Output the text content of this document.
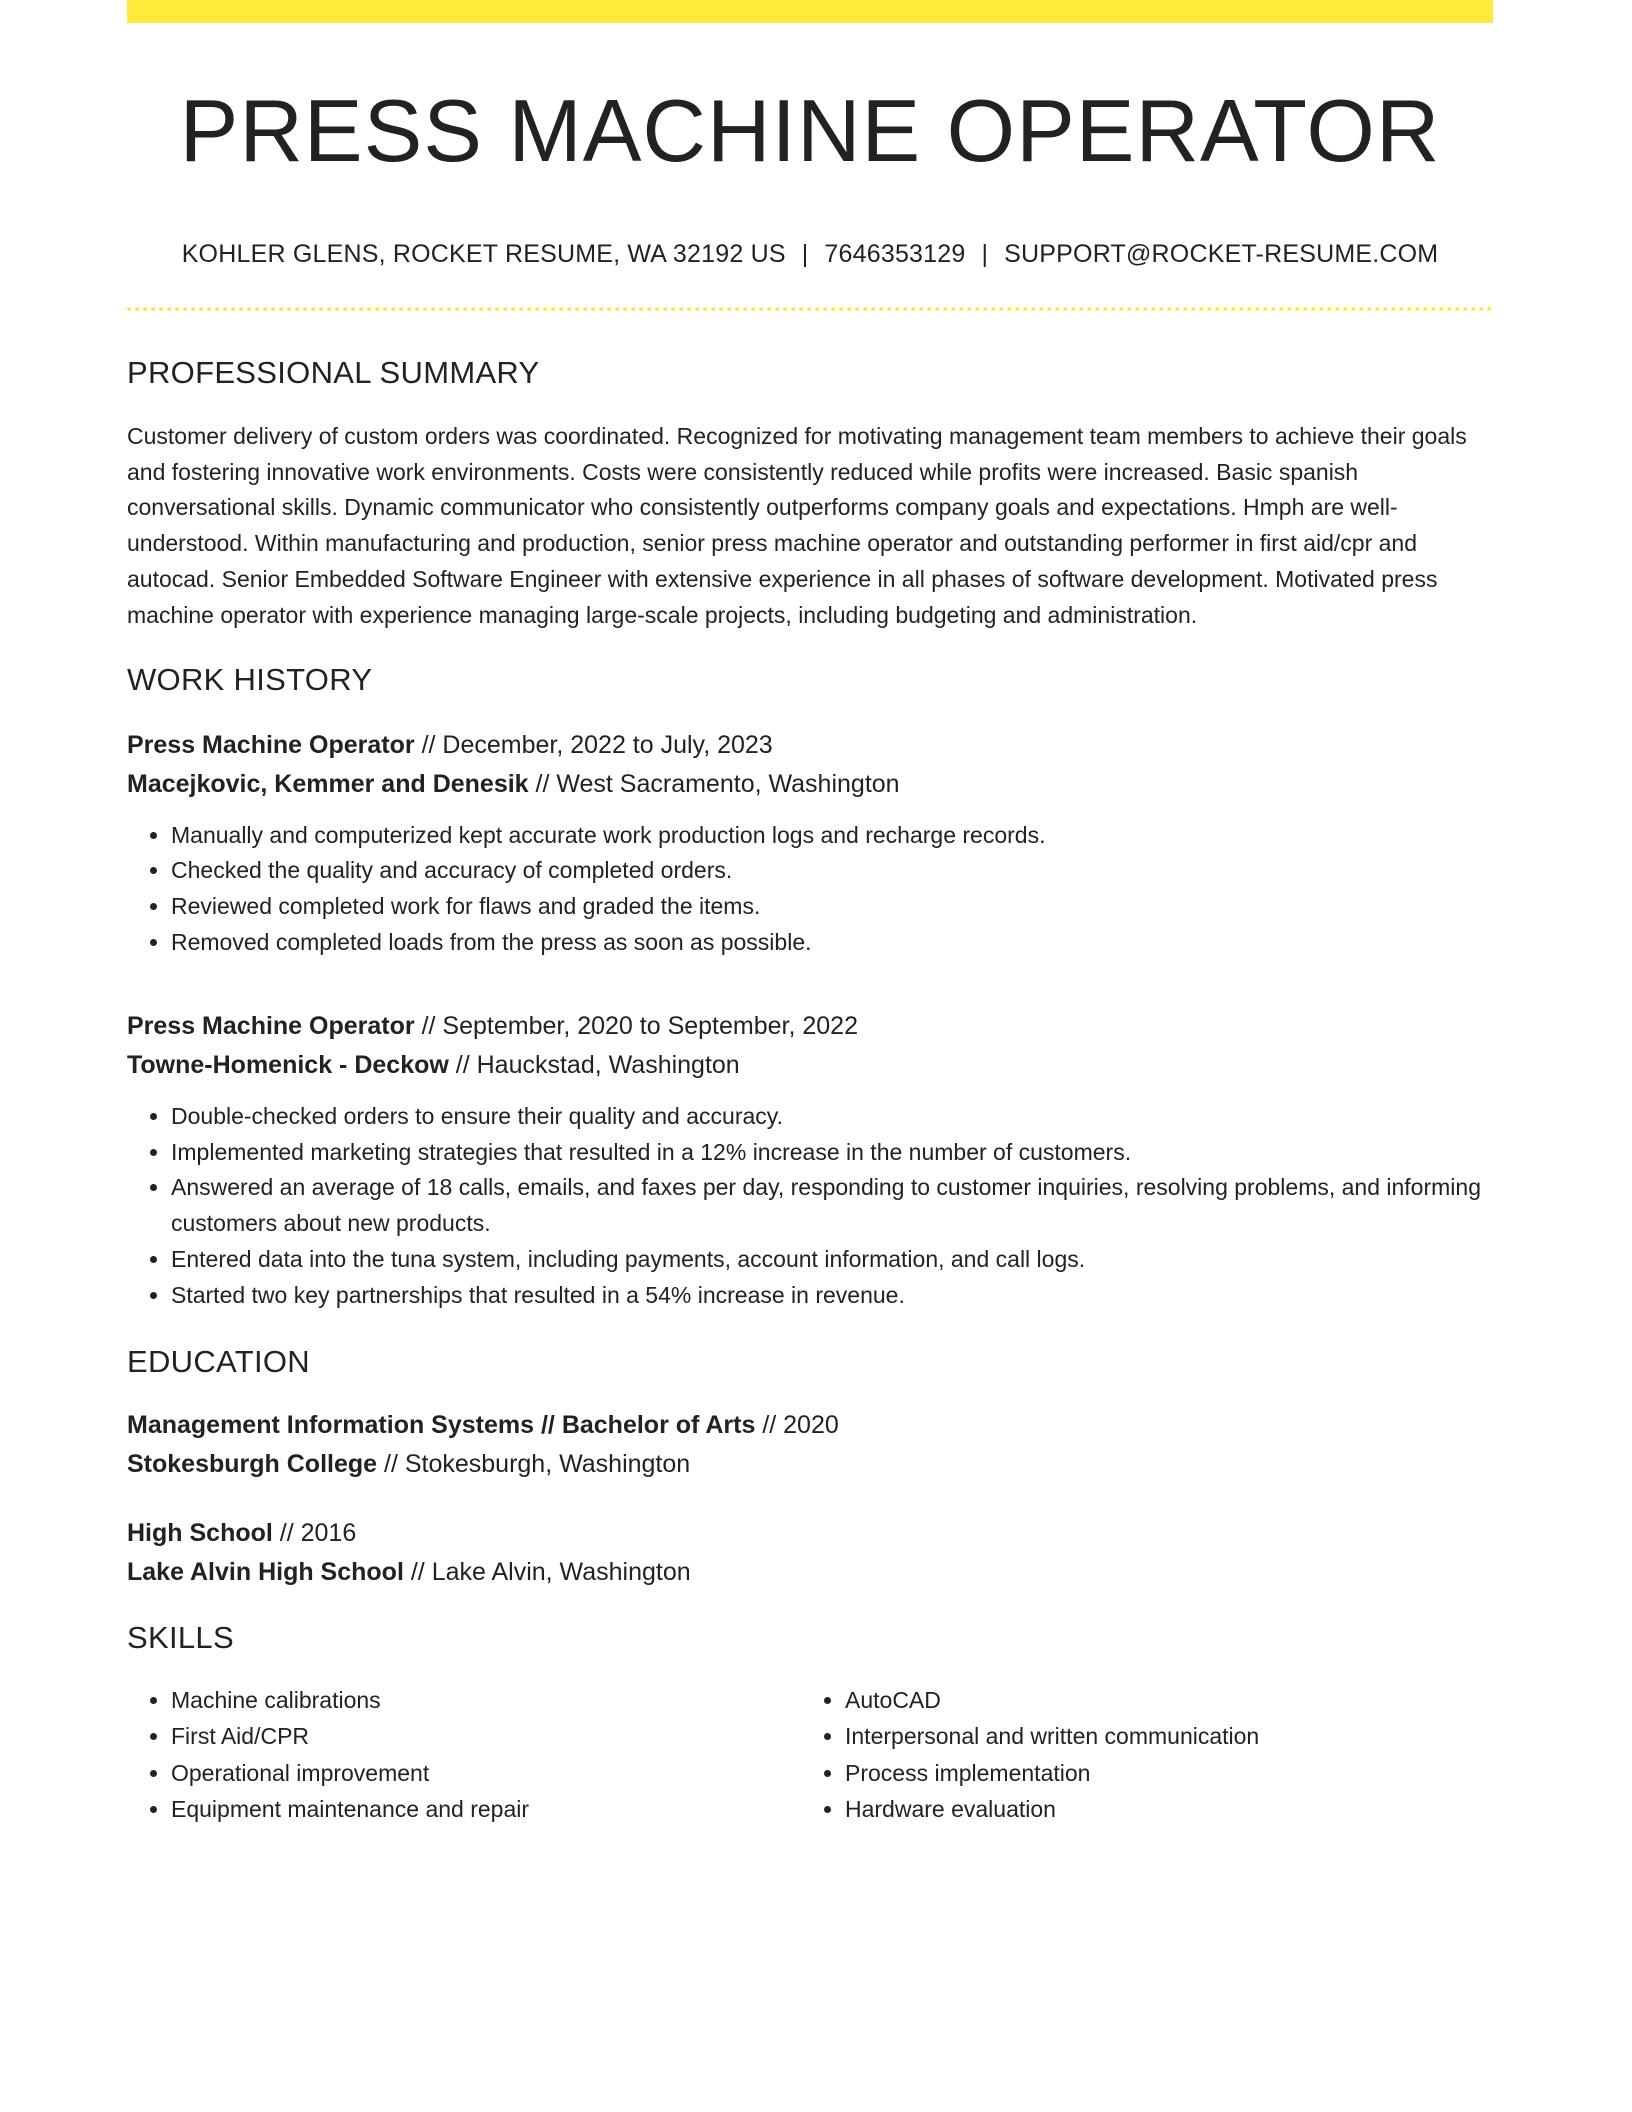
PRESS MACHINE OPERATOR
KOHLER GLENS, ROCKET RESUME, WA 32192 US | 7646353129 | SUPPORT@ROCKET-RESUME.COM
PROFESSIONAL SUMMARY
Customer delivery of custom orders was coordinated. Recognized for motivating management team members to achieve their goals and fostering innovative work environments. Costs were consistently reduced while profits were increased. Basic spanish conversational skills. Dynamic communicator who consistently outperforms company goals and expectations. Hmph are well-understood. Within manufacturing and production, senior press machine operator and outstanding performer in first aid/cpr and autocad. Senior Embedded Software Engineer with extensive experience in all phases of software development. Motivated press machine operator with experience managing large-scale projects, including budgeting and administration.
WORK HISTORY
Press Machine Operator // December, 2022 to July, 2023
Macejkovic, Kemmer and Denesik // West Sacramento, Washington
• Manually and computerized kept accurate work production logs and recharge records.
• Checked the quality and accuracy of completed orders.
• Reviewed completed work for flaws and graded the items.
• Removed completed loads from the press as soon as possible.
Press Machine Operator // September, 2020 to September, 2022
Towne-Homenick - Deckow // Hauckstad, Washington
• Double-checked orders to ensure their quality and accuracy.
• Implemented marketing strategies that resulted in a 12% increase in the number of customers.
• Answered an average of 18 calls, emails, and faxes per day, responding to customer inquiries, resolving problems, and informing customers about new products.
• Entered data into the tuna system, including payments, account information, and call logs.
• Started two key partnerships that resulted in a 54% increase in revenue.
EDUCATION
Management Information Systems // Bachelor of Arts // 2020
Stokesburgh College // Stokesburgh, Washington
High School // 2016
Lake Alvin High School // Lake Alvin, Washington
SKILLS
• Machine calibrations
• First Aid/CPR
• Operational improvement
• Equipment maintenance and repair
• AutoCAD
• Interpersonal and written communication
• Process implementation
• Hardware evaluation
